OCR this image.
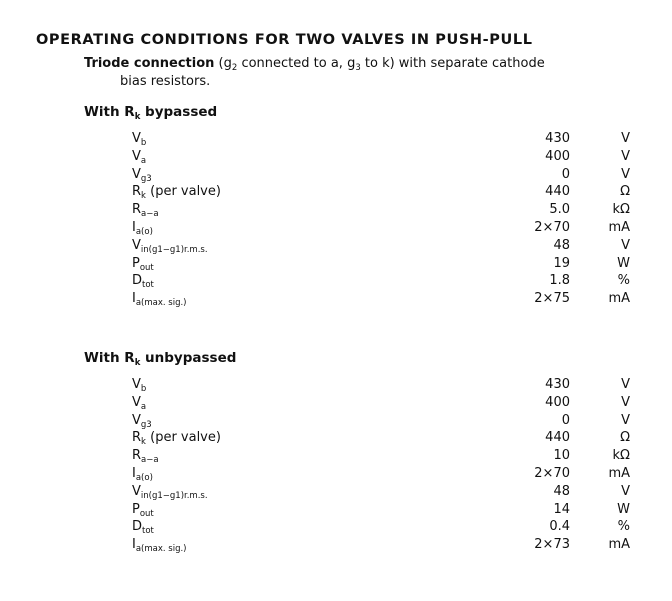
OPERATING CONDITIONS FOR TWO VALVES IN PUSH-PULL
Triode connection ($g_2$ connected to a, $g_3$ to k) with separate cathode
bias resistors.
With $R_k$ bypassed
$V_b$	430	V
$V_a$	400	V
$V_{g3}$	0	V
$R_k$ (per valve)	440	Ω
$R_{a-a}$	5.0	kΩ
$I_{a(o)}$	2×70	mA
$V_{in(g1-g1)r.m.s.}$	48	V
$P_{out}$	19	W
$D_{tot}$	1.8	%
$I_{a(max. sig.)}$	2×75	mA
With $R_k$ unbypassed
$V_b$	430	V
$V_a$	400	V
$V_{g3}$	0	V
$R_k$ (per valve)	440	Ω
$R_{a-a}$	10	kΩ
$I_{a(o)}$	2×70	mA
$V_{in(g1-g1)r.m.s.}$	48	V
$P_{out}$	14	W
$D_{tot}$	0.4	%
$I_{a(max. sig.)}$	2×73	mA
